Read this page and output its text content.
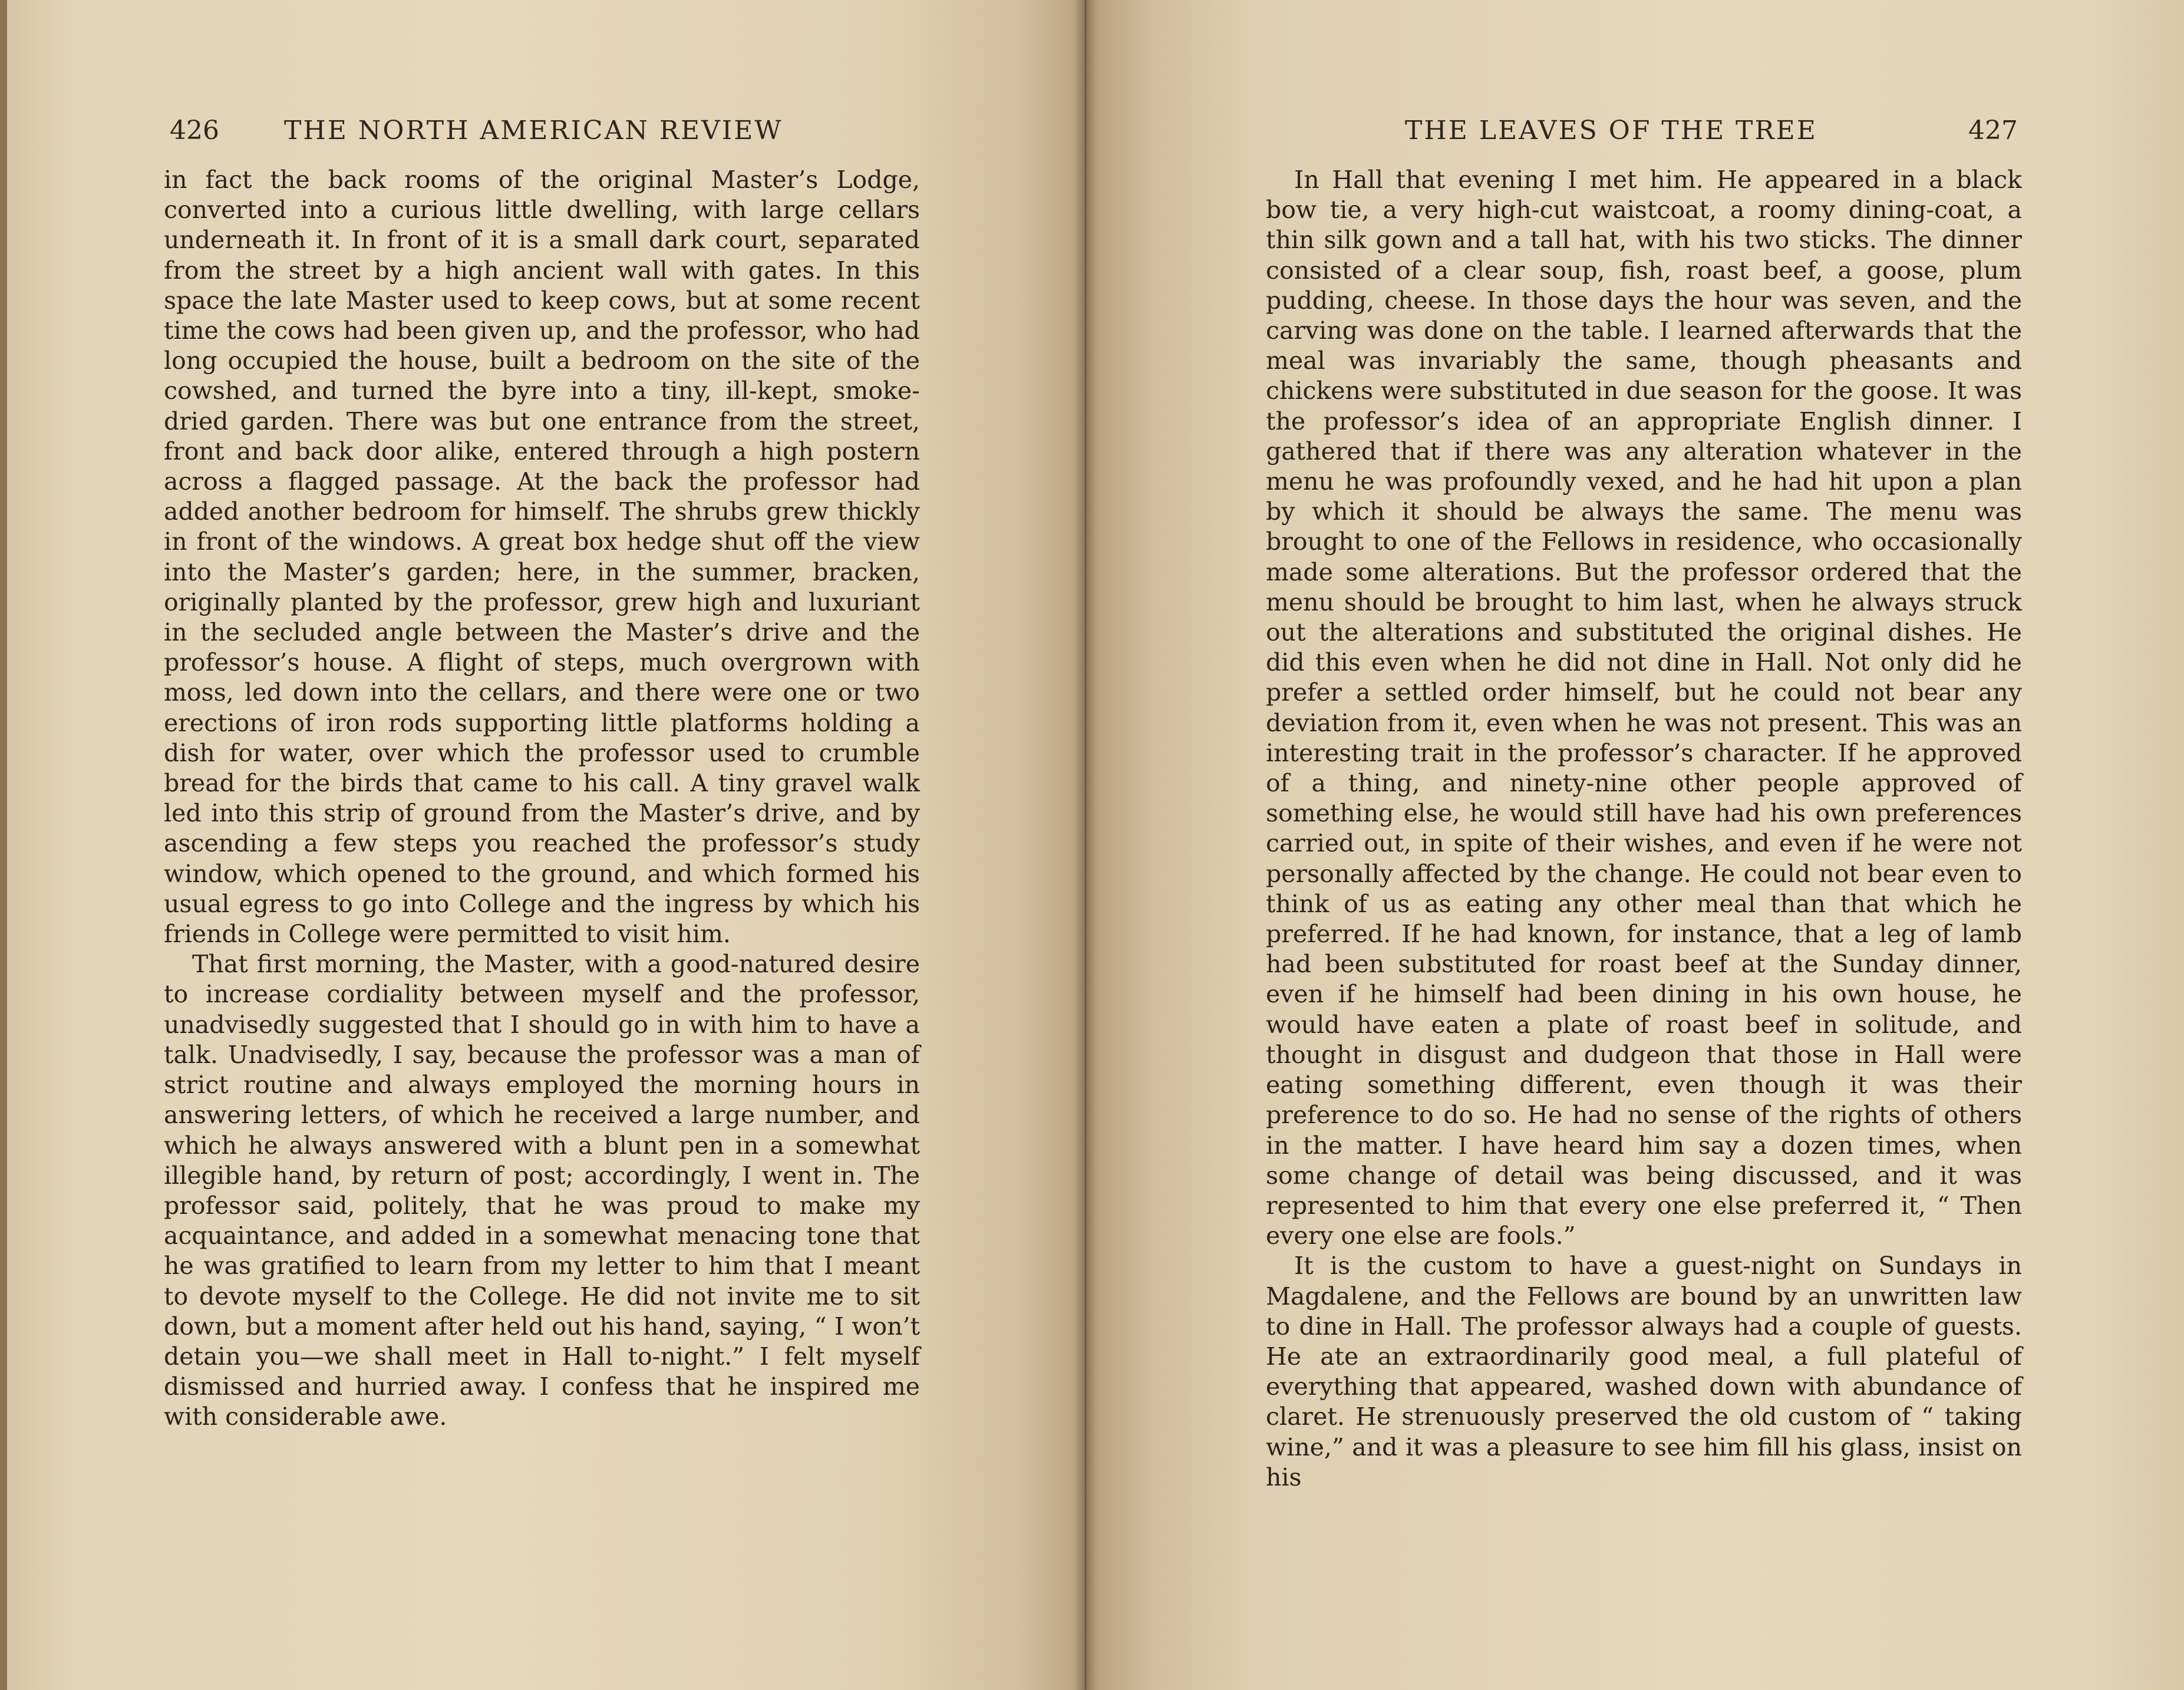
426	THE NORTH AMERICAN REVIEW

in fact the back rooms of the original Master’s Lodge, converted into a curious little dwelling, with large cellars underneath it. In front of it is a small dark court, separated from the street by a high ancient wall with gates. In this space the late Master used to keep cows, but at some recent time the cows had been given up, and the professor, who had long occupied the house, built a bedroom on the site of the cowshed, and turned the byre into a tiny, ill-kept, smoke-dried garden. There was but one entrance from the street, front and back door alike, entered through a high postern across a flagged passage. At the back the professor had added another bedroom for himself. The shrubs grew thickly in front of the windows. A great box hedge shut off the view into the Master’s garden; here, in the summer, bracken, originally planted by the professor, grew high and luxuriant in the secluded angle between the Master’s drive and the professor’s house. A flight of steps, much overgrown with moss, led down into the cellars, and there were one or two erections of iron rods supporting little platforms holding a dish for water, over which the professor used to crumble bread for the birds that came to his call. A tiny gravel walk led into this strip of ground from the Master’s drive, and by ascending a few steps you reached the professor’s study window, which opened to the ground, and which formed his usual egress to go into College and the ingress by which his friends in College were permitted to visit him.

That first morning, the Master, with a good-natured desire to increase cordiality between myself and the professor, unadvisedly suggested that I should go in with him to have a talk. Unadvisedly, I say, because the professor was a man of strict routine and always employed the morning hours in answering letters, of which he received a large number, and which he always answered with a blunt pen in a somewhat illegible hand, by return of post; accordingly, I went in. The professor said, politely, that he was proud to make my acquaintance, and added in a somewhat menacing tone that he was gratified to learn from my letter to him that I meant to devote myself to the College. He did not invite me to sit down, but a moment after held out his hand, saying, “ I won’t detain you—we shall meet in Hall to-night.” I felt myself dismissed and hurried away. I confess that he inspired me with considerable awe.

THE LEAVES OF THE TREE	427

In Hall that evening I met him. He appeared in a black bow tie, a very high-cut waistcoat, a roomy dining-coat, a thin silk gown and a tall hat, with his two sticks. The dinner consisted of a clear soup, fish, roast beef, a goose, plum pudding, cheese. In those days the hour was seven, and the carving was done on the table. I learned afterwards that the meal was invariably the same, though pheasants and chickens were substituted in due season for the goose. It was the professor’s idea of an appropriate English dinner. I gathered that if there was any alteration whatever in the menu he was profoundly vexed, and he had hit upon a plan by which it should be always the same. The menu was brought to one of the Fellows in residence, who occasionally made some alterations. But the professor ordered that the menu should be brought to him last, when he always struck out the alterations and substituted the original dishes. He did this even when he did not dine in Hall. Not only did he prefer a settled order himself, but he could not bear any deviation from it, even when he was not present. This was an interesting trait in the professor’s character. If he approved of a thing, and ninety-nine other people approved of something else, he would still have had his own preferences carried out, in spite of their wishes, and even if he were not personally affected by the change. He could not bear even to think of us as eating any other meal than that which he preferred. If he had known, for instance, that a leg of lamb had been substituted for roast beef at the Sunday dinner, even if he himself had been dining in his own house, he would have eaten a plate of roast beef in solitude, and thought in disgust and dudgeon that those in Hall were eating something different, even though it was their preference to do so. He had no sense of the rights of others in the matter. I have heard him say a dozen times, when some change of detail was being discussed, and it was represented to him that every one else preferred it, “ Then every one else are fools.”

It is the custom to have a guest-night on Sundays in Magdalene, and the Fellows are bound by an unwritten law to dine in Hall. The professor always had a couple of guests. He ate an extraordinarily good meal, a full plateful of everything that appeared, washed down with abundance of claret. He strenuously preserved the old custom of “ taking wine,” and it was a pleasure to see him fill his glass, insist on his
